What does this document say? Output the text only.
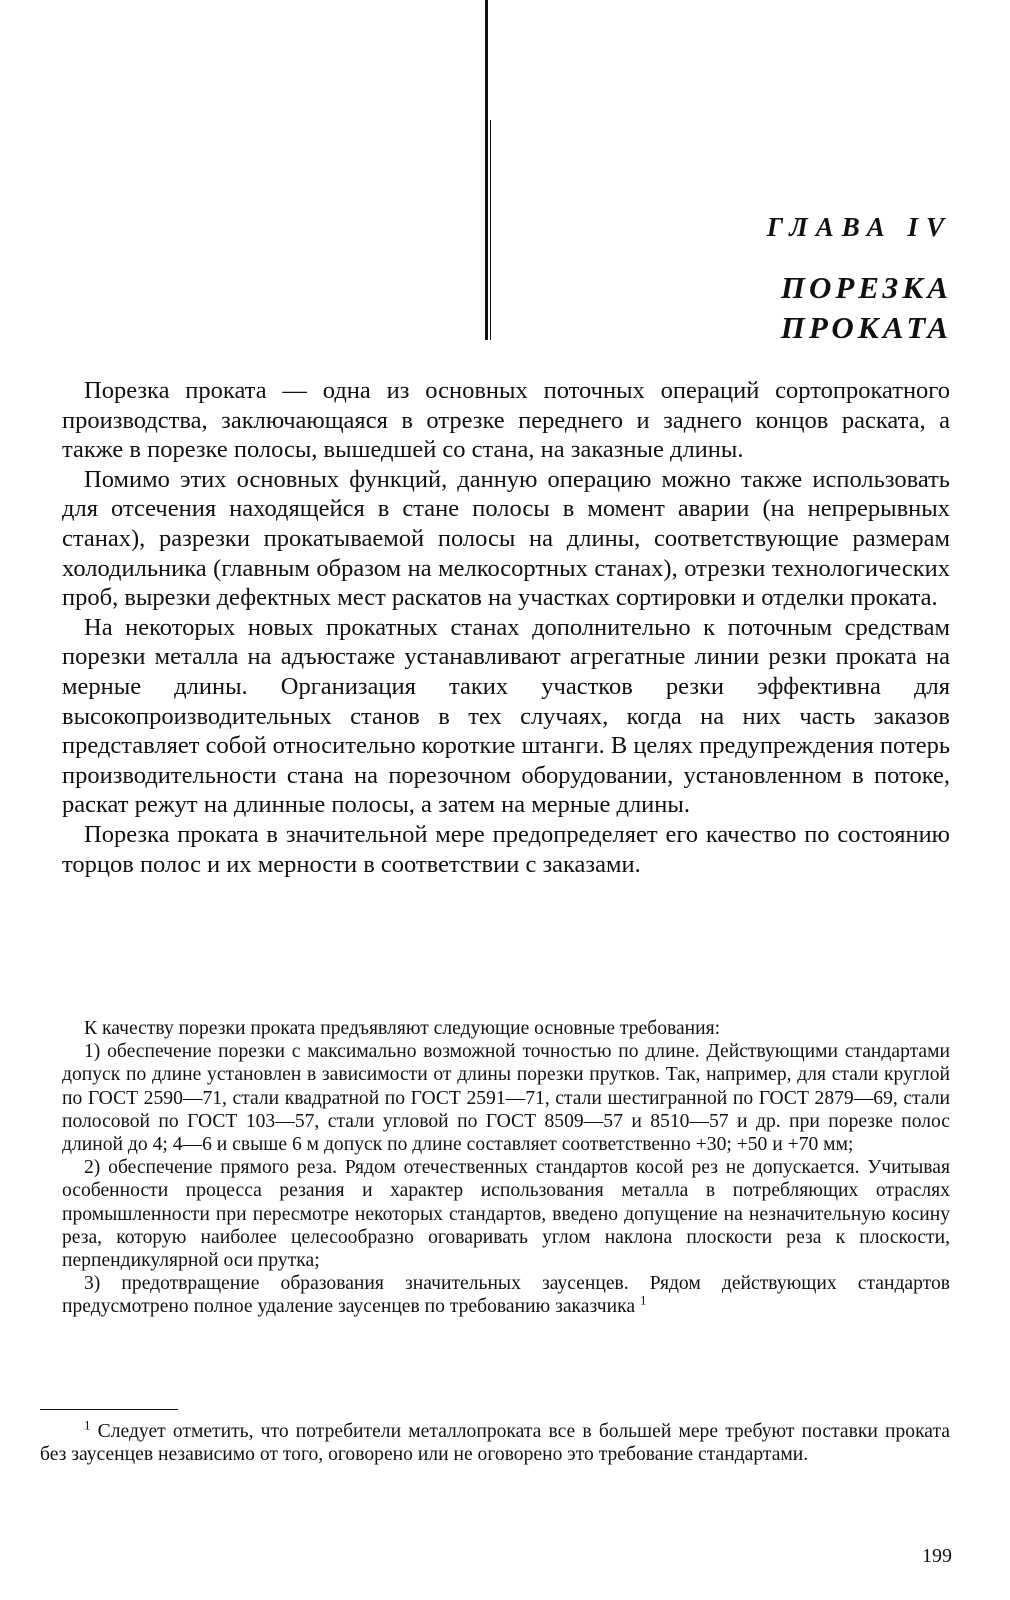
ГЛАВА IV
ПОРЕЗКА
ПРОКАТА

Порезка проката — одна из основных поточных операций сортопрокатного производства, заключающаяся в отрезке переднего и заднего концов раската, а также в порезке полосы, вышедшей со стана, на заказные длины.

Помимо этих основных функций, данную операцию можно также использовать для отсечения находящейся в стане полосы в момент аварии (на непрерывных станах), разрезки прокатываемой полосы на длины, соответствующие размерам холодильника (главным образом на мелкосортных станах), отрезки технологических проб, вырезки дефектных мест раскатов на участках сортировки и отделки проката.

На некоторых новых прокатных станах дополнительно к поточным средствам порезки металла на адъюстаже устанавливают агрегатные линии резки проката на мерные длины. Организация таких участков резки эффективна для высокопроизводительных станов в тех случаях, когда на них часть заказов представляет собой относительно короткие штанги. В целях предупреждения потерь производительности стана на порезочном оборудовании, установленном в потоке, раскат режут на длинные полосы, а затем на мерные длины.

Порезка проката в значительной мере предопределяет его качество по состоянию торцов полос и их мерности в соответствии с заказами.

К качеству порезки проката предъявляют следующие основные требования:

1) обеспечение порезки с максимально возможной точностью по длине. Действующими стандартами допуск по длине установлен в зависимости от длины порезки прутков. Так, например, для стали круглой по ГОСТ 2590—71, стали квадратной по ГОСТ 2591—71, стали шестигранной по ГОСТ 2879—69, стали полосовой по ГОСТ 103—57, стали угловой по ГОСТ 8509—57 и 8510—57 и др. при порезке полос длиной до 4; 4—6 и свыше 6 м допуск по длине составляет соответственно +30; +50 и +70 мм;

2) обеспечение прямого реза. Рядом отечественных стандартов косой рез не допускается. Учитывая особенности процесса резания и характер использования металла в потребляющих отраслях промышленности при пересмотре некоторых стандартов, введено допущение на незначительную косину реза, которую наиболее целесообразно оговаривать углом наклона плоскости реза к плоскости, перпендикулярной оси прутка;

3) предотвращение образования значительных заусенцев. Рядом действующих стандартов предусмотрено полное удаление заусенцев по требованию заказчика $^1$

$^1$ Следует отметить, что потребители металлопроката все в большей мере требуют поставки проката без заусенцев независимо от того, оговорено или не оговорено это требование стандартами.

199
